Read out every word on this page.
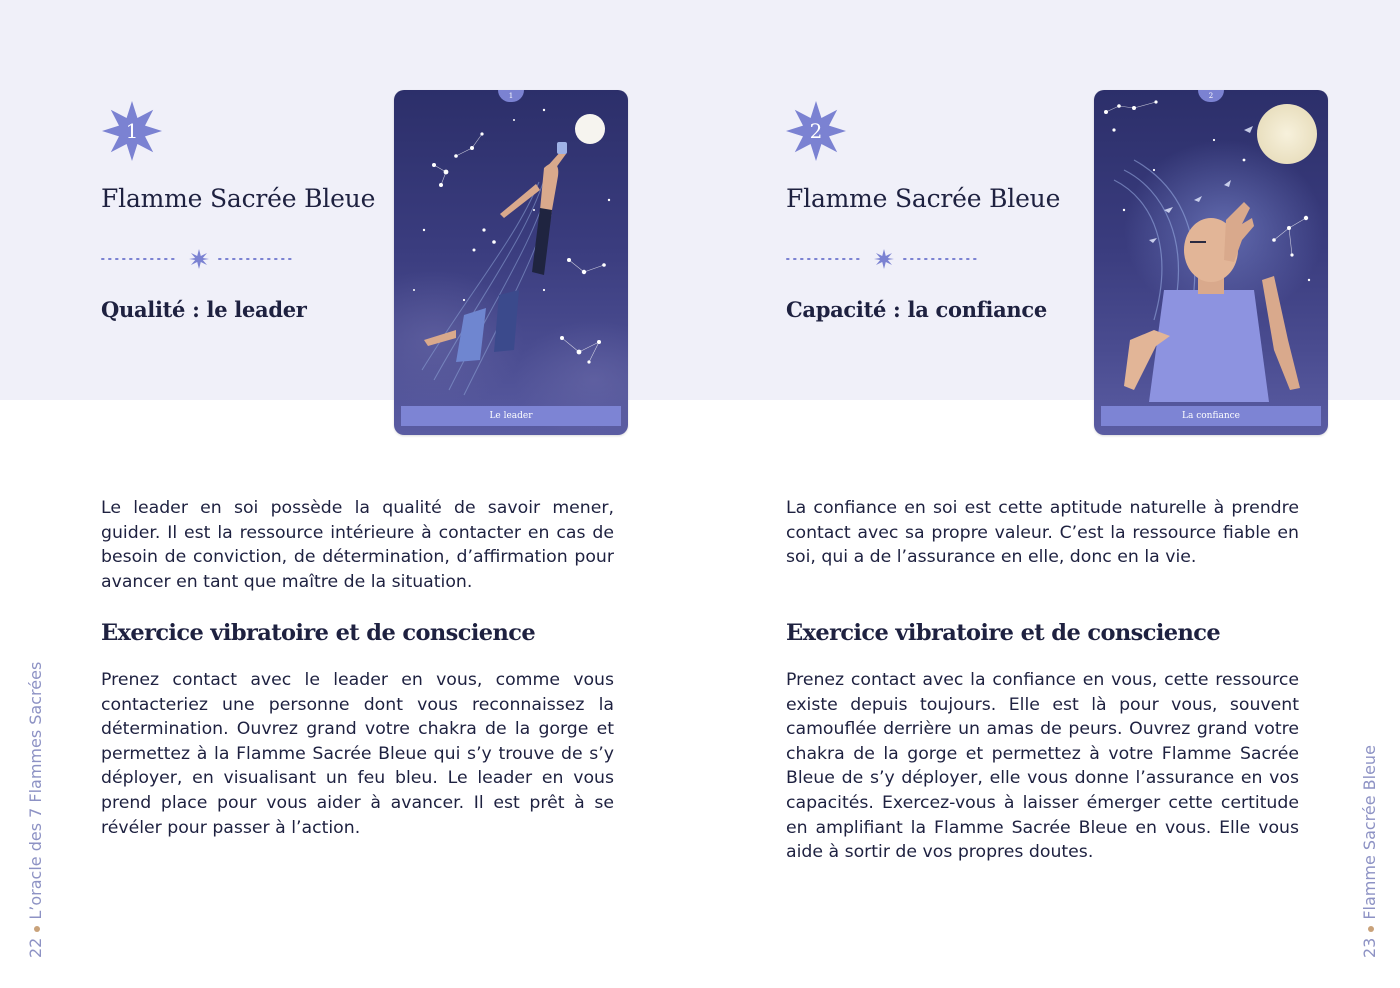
1
Flamme Sacrée Bleue
Qualité : le leader
1
Le leader

Le leader en soi possède la qualité de savoir mener, guider. Il est la ressource intérieure à contacter en cas de besoin de conviction, de détermination, d’affirmation pour avancer en tant que maître de la situation.

Exercice vibratoire et de conscience

Prenez contact avec le leader en vous, comme vous contacteriez une personne dont vous reconnaissez la détermination. Ouvrez grand votre chakra de la gorge et permettez à la Flamme Sacrée Bleue qui s’y trouve de s’y déployer, en visualisant un feu bleu. Le leader en vous prend place pour vous aider à avancer. Il est prêt à se révéler pour passer à l’action.

22L’oracle des 7 Flammes Sacrées
2
Flamme Sacrée Bleue
Capacité : la confiance
2
La confiance

La confiance en soi est cette aptitude naturelle à prendre contact avec sa propre valeur. C’est la ressource fiable en soi, qui a de l’assurance en elle, donc en la vie.

Exercice vibratoire et de conscience

Prenez contact avec la confiance en vous, cette ressource existe depuis toujours. Elle est là pour vous, souvent camouflée derrière un amas de peurs. Ouvrez grand votre chakra de la gorge et permettez à votre Flamme Sacrée Bleue de s’y déployer, elle vous donne l’assurance en vos capacités. Exercez-vous à laisser émerger cette certitude en amplifiant la Flamme Sacrée Bleue en vous. Elle vous aide à sortir de vos propres doutes.

23Flamme Sacrée Bleue
